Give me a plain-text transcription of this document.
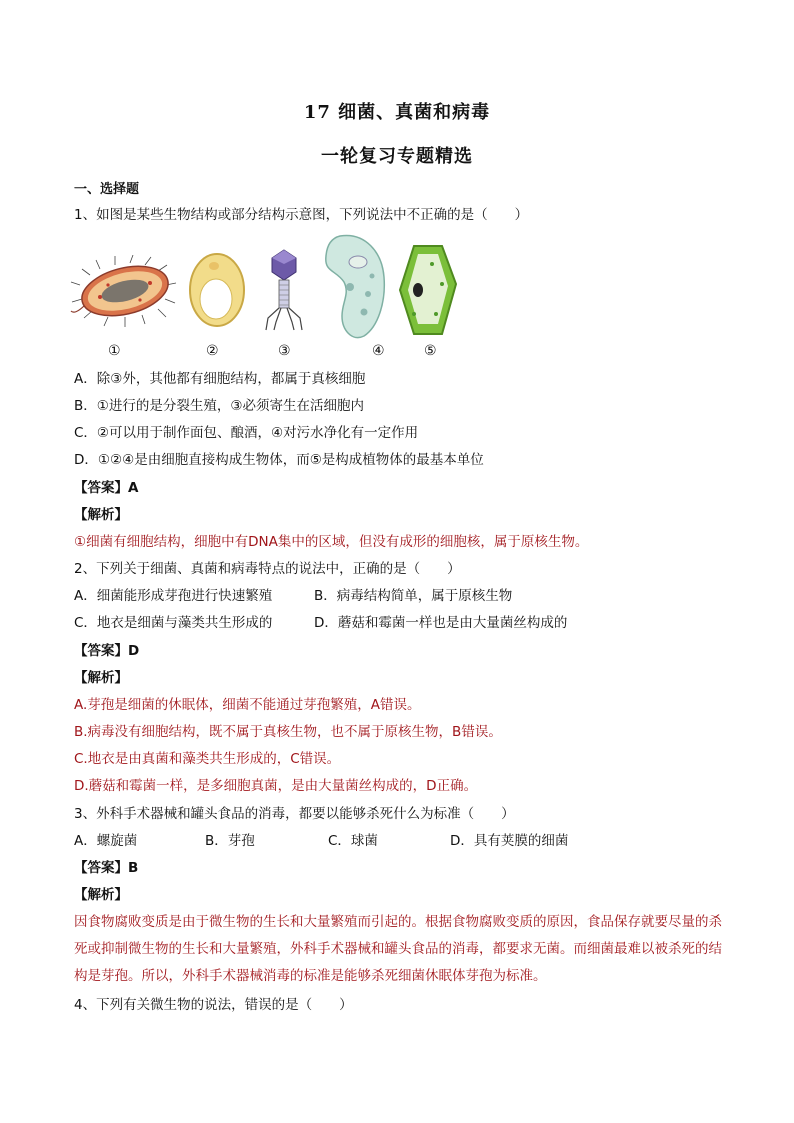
17 细菌、真菌和病毒
一轮复习专题精选
一、选择题
1、如图是某些生物结构或部分结构示意图，下列说法中不正确的是（　　）
①	②	③	④	⑤
A．除③外，其他都有细胞结构，都属于真核细胞
B．①进行的是分裂生殖，③必须寄生在活细胞内
C．②可以用于制作面包、酿酒，④对污水净化有一定作用
D．①②④是由细胞直接构成生物体，而⑤是构成植物体的最基本单位
【答案】A
【解析】
①细菌有细胞结构，细胞中有DNA集中的区域，但没有成形的细胞核，属于原核生物。
2、下列关于细菌、真菌和病毒特点的说法中，正确的是（　　）
A．细菌能形成芽孢进行快速繁殖	B．病毒结构简单，属于原核生物
C．地衣是细菌与藻类共生形成的	D．蘑菇和霉菌一样也是由大量菌丝构成的
【答案】D
【解析】
A.芽孢是细菌的休眠体，细菌不能通过芽孢繁殖，A错误。
B.病毒没有细胞结构，既不属于真核生物，也不属于原核生物，B错误。
C.地衣是由真菌和藻类共生形成的，C错误。
D.蘑菇和霉菌一样，是多细胞真菌，是由大量菌丝构成的，D正确。
3、外科手术器械和罐头食品的消毒，都要以能够杀死什么为标准（　　）
A．螺旋菌	B．芽孢	C．球菌	D．具有荚膜的细菌
【答案】B
【解析】
因食物腐败变质是由于微生物的生长和大量繁殖而引起的。根据食物腐败变质的原因，食品保存就要尽量的杀死或抑制微生物的生长和大量繁殖，外科手术器械和罐头食品的消毒，都要求无菌。而细菌最难以被杀死的结构是芽孢。所以，外科手术器械消毒的标准是能够杀死细菌休眠体芽孢为标准。
4、下列有关微生物的说法，错误的是（　　）
